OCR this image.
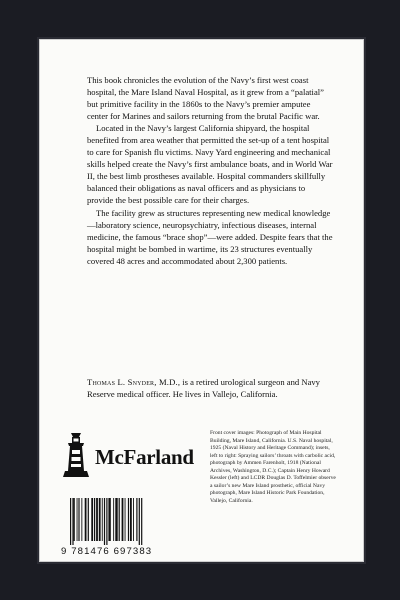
This book chronicles the evolution of the Navy’s first west coast hospital, the Mare Island Naval Hospital, as it grew from a “palatial” but primitive facility in the 1860s to the Navy’s premier amputee center for Marines and sailors returning from the brutal Pacific war.

Located in the Navy’s largest California shipyard, the hospital benefited from area weather that permitted the set-up of a tent hospital to care for Spanish flu victims. Navy Yard engineering and mechanical skills helped create the Navy’s first ambulance boats, and in World War II, the best limb prostheses available. Hospital commanders skillfully balanced their obligations as naval officers and as physicians to provide the best possible care for their charges.

The facility grew as structures representing new medical knowledge—laboratory science, neuropsychiatry, infectious diseases, internal medicine, the famous “brace shop”—were added. Despite fears that the hospital might be bombed in wartime, its 23 structures eventually covered 48 acres and accommodated about 2,300 patients.

Thomas L. Snyder, M.D., is a retired urological surgeon and Navy Reserve medical officer. He lives in Vallejo, California.
McFarland
Front cover images: Photograph of Main Hospital Building, Mare Island, California. U.S. Naval hospital, 1925 (Naval History and Heritage Command); insets, left to right: Spraying sailors’ throats with carbolic acid, photograph by Ammen Farenholt, 1918 (National Archives, Washington, D.C.); Captain Henry Howard Kessler (left) and LCDR Douglas D. Toffelmier observe a sailor’s new Mare Island prosthetic, official Navy photograph, Mare Island Historic Park Foundation, Vallejo, California.
9 781476 697383
